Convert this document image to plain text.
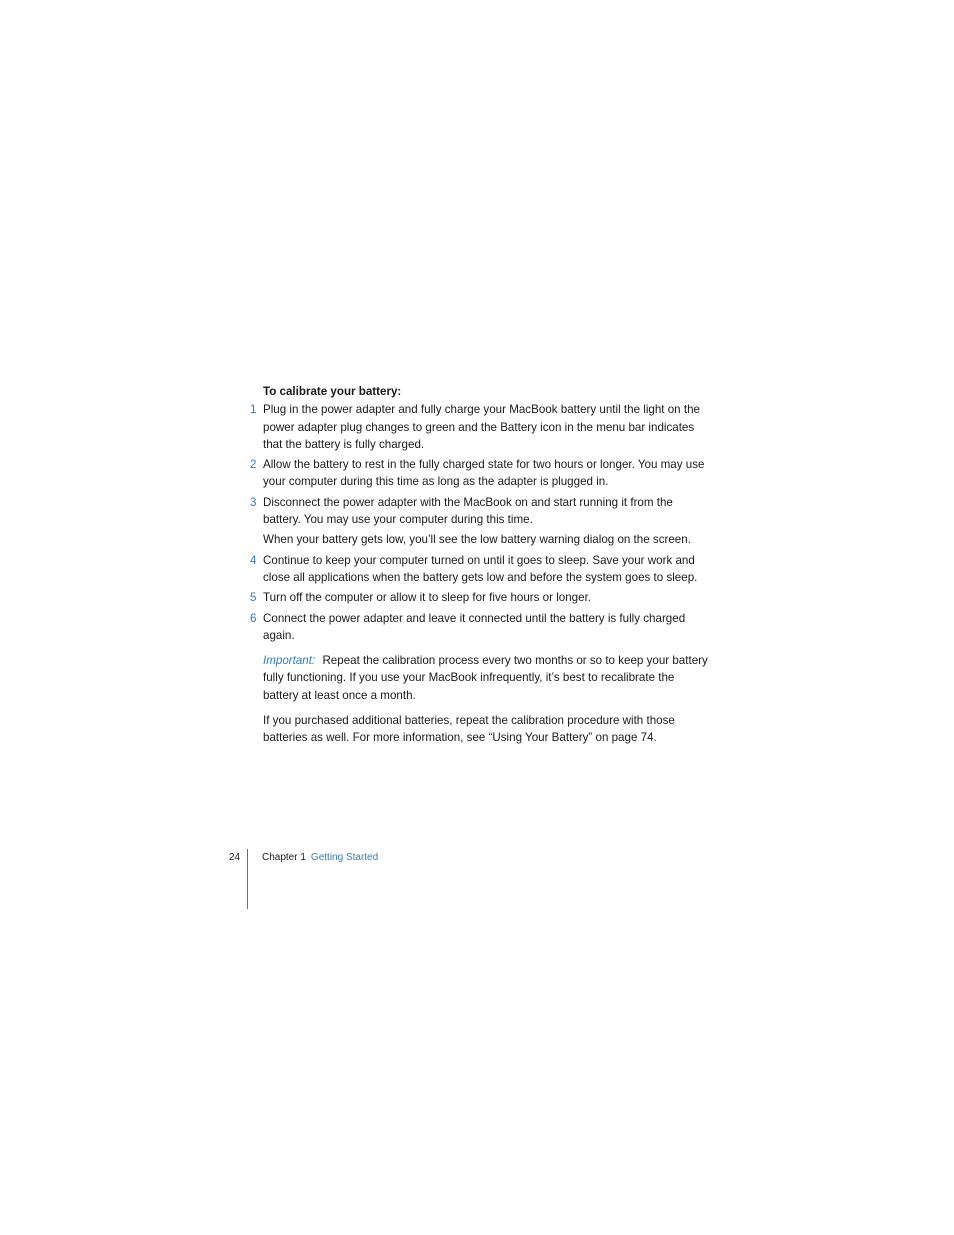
To calibrate your battery:
1 Plug in the power adapter and fully charge your MacBook battery until the light on the power adapter plug changes to green and the Battery icon in the menu bar indicates that the battery is fully charged.
2 Allow the battery to rest in the fully charged state for two hours or longer. You may use your computer during this time as long as the adapter is plugged in.
3 Disconnect the power adapter with the MacBook on and start running it from the battery. You may use your computer during this time.
When your battery gets low, you’ll see the low battery warning dialog on the screen.
4 Continue to keep your computer turned on until it goes to sleep. Save your work and close all applications when the battery gets low and before the system goes to sleep.
5 Turn off the computer or allow it to sleep for five hours or longer.
6 Connect the power adapter and leave it connected until the battery is fully charged again.
Important: Repeat the calibration process every two months or so to keep your battery fully functioning. If you use your MacBook infrequently, it’s best to recalibrate the battery at least once a month.
If you purchased additional batteries, repeat the calibration procedure with those batteries as well. For more information, see “Using Your Battery” on page 74.
24 Chapter 1 Getting Started
